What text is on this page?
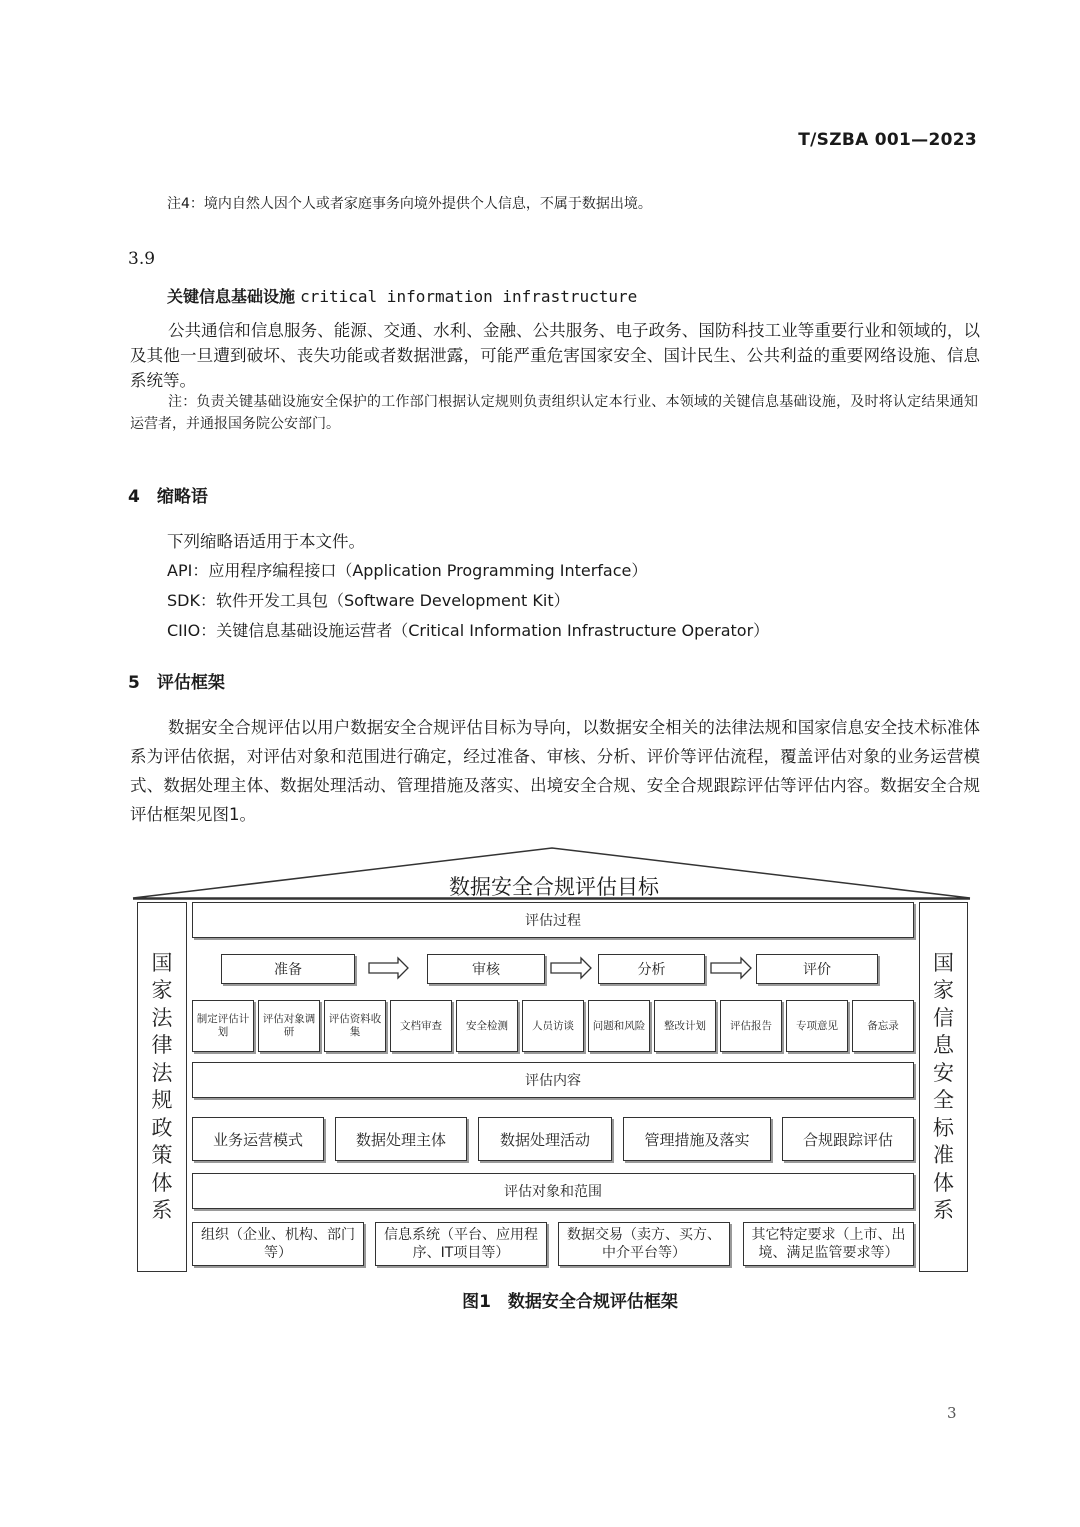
T/SZBA 001—2023
注4：境内自然人因个人或者家庭事务向境外提供个人信息，不属于数据出境。
3.9
关键信息基础设施 critical information infrastructure
公共通信和信息服务、能源、交通、水利、金融、公共服务、电子政务、国防科技工业等重要行业和领域的，以及其他一旦遭到破坏、丧失功能或者数据泄露，可能严重危害国家安全、国计民生、公共利益的重要网络设施、信息系统等。
注：负责关键基础设施安全保护的工作部门根据认定规则负责组织认定本行业、本领域的关键信息基础设施，及时将认定结果通知运营者，并通报国务院公安部门。
4　缩略语
下列缩略语适用于本文件。
API：应用程序编程接口（Application Programming Interface）
SDK：软件开发工具包（Software Development Kit）
CIIO：关键信息基础设施运营者（Critical Information Infrastructure Operator）
5　评估框架
数据安全合规评估以用户数据安全合规评估目标为导向，以数据安全相关的法律法规和国家信息安全技术标准体系为评估依据，对评估对象和范围进行确定，经过准备、审核、分析、评价等评估流程，覆盖评估对象的业务运营模式、数据处理主体、数据处理活动、管理措施及落实、出境安全合规、安全合规跟踪评估等评估内容。数据安全合规评估框架见图1。
数据安全合规评估目标
国家法律法规政策体系
国家信息安全标准体系
评估过程
准备	审核	分析	评价
制定评估计划
评估对象调研
评估资料收集
文档审查 安全检测 人员访谈 问题和风险 整改计划 评估报告 专项意见	备忘录
评估内容
业务运营模式	数据处理主体	数据处理活动	管理措施及落实	合规跟踪评估
评估对象和范围
组织（企业、机构、部门等）
信息系统（平台、应用程序、IT项目等）
数据交易（卖方、买方、中介平台等）
其它特定要求（上市、出境、满足监管要求等）
图1　数据安全合规评估框架
3
